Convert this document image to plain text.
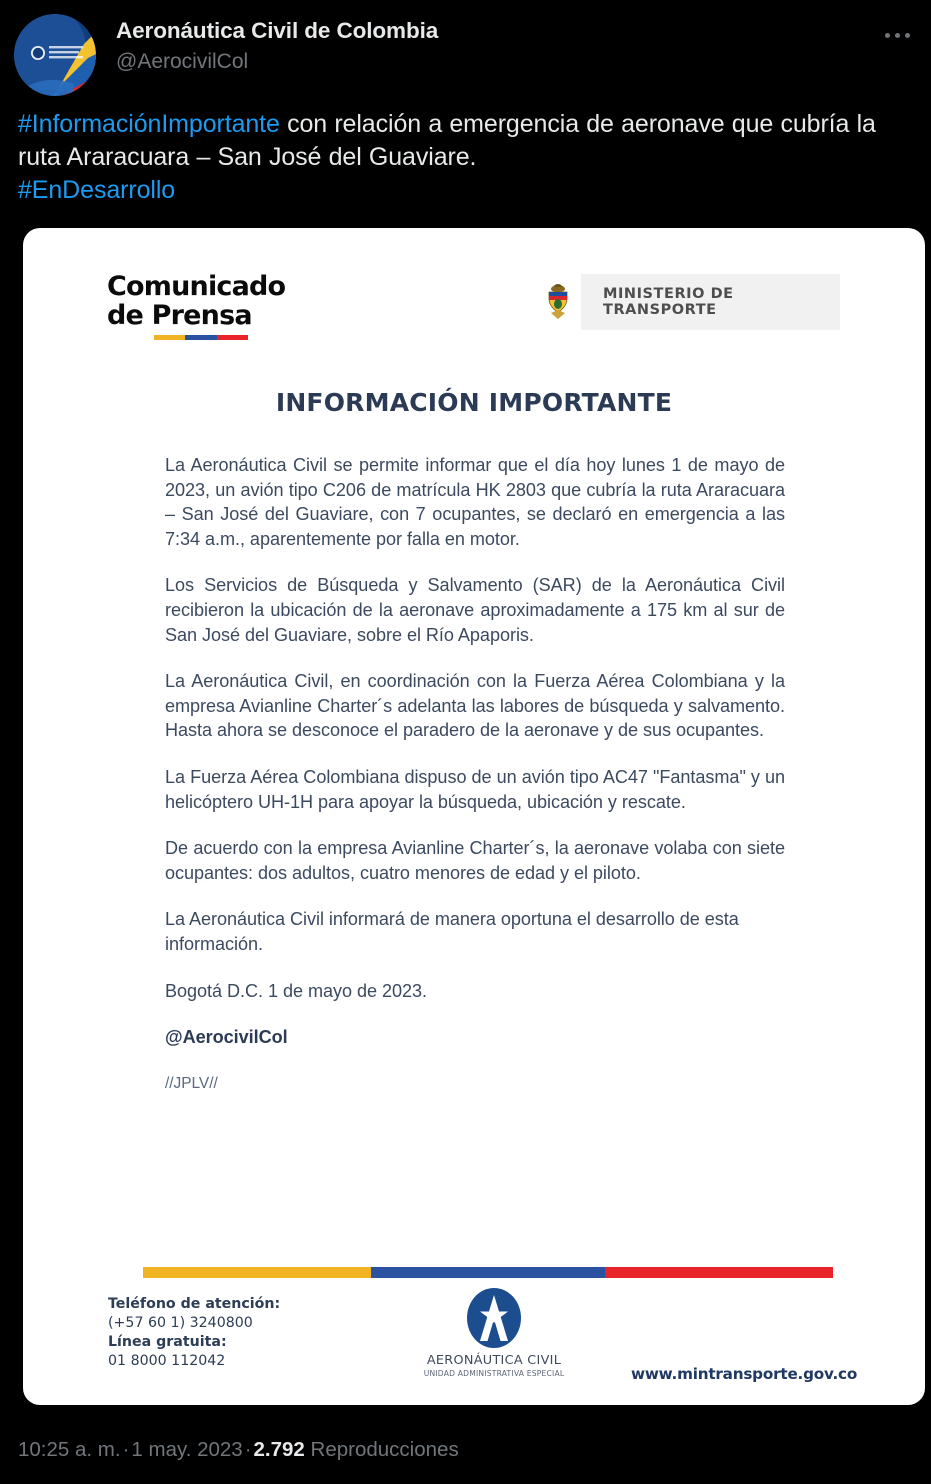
Aeronáutica Civil de Colombia
@AerocivilCol
#InformaciónImportante con relación a emergencia de aeronave que cubría la ruta Araracuara – San José del Guaviare.
#EnDesarrollo
Comunicado
de Prensa
MINISTERIO DE TRANSPORTE
INFORMACIÓN IMPORTANTE

La Aeronáutica Civil se permite informar que el día hoy lunes 1 de mayo de 2023, un avión tipo C206 de matrícula HK 2803 que cubría la ruta Araracuara – San José del Guaviare, con 7 ocupantes, se declaró en emergencia a las 7:34 a.m., aparentemente por falla en motor.

Los Servicios de Búsqueda y Salvamento (SAR) de la Aeronáutica Civil recibieron la ubicación de la aeronave aproximadamente a 175 km al sur de San José del Guaviare, sobre el Río Apaporis.

La Aeronáutica Civil, en coordinación con la Fuerza Aérea Colombiana y la empresa Avianline Charter´s adelanta las labores de búsqueda y salvamento. Hasta ahora se desconoce el paradero de la aeronave y de sus ocupantes.

La Fuerza Aérea Colombiana dispuso de un avión tipo AC47 "Fantasma" y un helicóptero UH-1H para apoyar la búsqueda, ubicación y rescate.

De acuerdo con la empresa Avianline Charter´s, la aeronave volaba con siete ocupantes: dos adultos, cuatro menores de edad y el piloto.

La Aeronáutica Civil informará de manera oportuna el desarrollo de esta información.

Bogotá D.C. 1 de mayo de 2023.

@AerocivilCol

//JPLV//

Teléfono de atención:
(+57 60 1) 3240800
Línea gratuita:
01 8000 112042	AERONÁUTICA CIVIL
UNIDAD ADMINISTRATIVA ESPECIAL	www.mintransporte.gov.co
10:25 a. m.·1 may. 2023·2.792 Reproducciones
